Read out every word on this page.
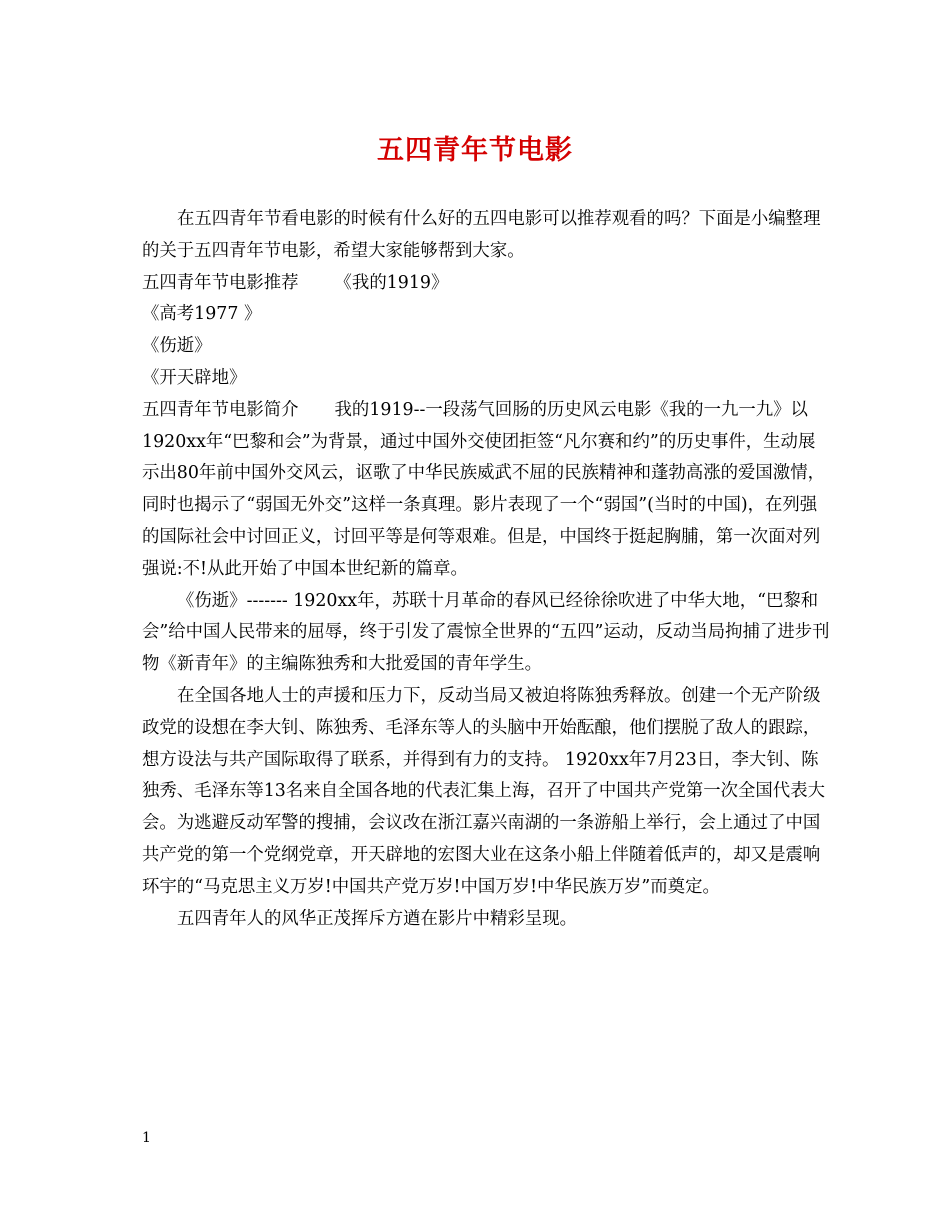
五四青年节电影

在五四青年节看电影的时候有什么好的五四电影可以推荐观看的吗？下面是小编整理的关于五四青年节电影，希望大家能够帮到大家。

五四青年节电影推荐 《我的1919》

《高考1977 》

《伤逝》

《开天辟地》

五四青年节电影简介 我的1919--一段荡气回肠的历史风云电影《我的一九一九》以1920xx年“巴黎和会”为背景，通过中国外交使团拒签“凡尔赛和约”的历史事件，生动展示出80年前中国外交风云，讴歌了中华民族威武不屈的民族精神和蓬勃高涨的爱国激情，同时也揭示了“弱国无外交”这样一条真理。影片表现了一个“弱国”(当时的中国)，在列强的国际社会中讨回正义，讨回平等是何等艰难。但是，中国终于挺起胸脯，第一次面对列强说:不!从此开始了中国本世纪新的篇章。

《伤逝》------- 1920xx年，苏联十月革命的春风已经徐徐吹进了中华大地，“巴黎和会”给中国人民带来的屈辱，终于引发了震惊全世界的“五四”运动，反动当局拘捕了进步刊物《新青年》的主编陈独秀和大批爱国的青年学生。

在全国各地人士的声援和压力下，反动当局又被迫将陈独秀释放。创建一个无产阶级政党的设想在李大钊、陈独秀、毛泽东等人的头脑中开始酝酿，他们摆脱了敌人的跟踪，想方设法与共产国际取得了联系，并得到有力的支持。 1920xx年7月23日，李大钊、陈独秀、毛泽东等13名来自全国各地的代表汇集上海，召开了中国共产党第一次全国代表大会。为逃避反动军警的搜捕，会议改在浙江嘉兴南湖的一条游船上举行，会上通过了中国共产党的第一个党纲党章，开天辟地的宏图大业在这条小船上伴随着低声的，却又是震响环宇的“马克思主义万岁!中国共产党万岁!中国万岁!中华民族万岁”而奠定。

五四青年人的风华正茂挥斥方遒在影片中精彩呈现。

1
